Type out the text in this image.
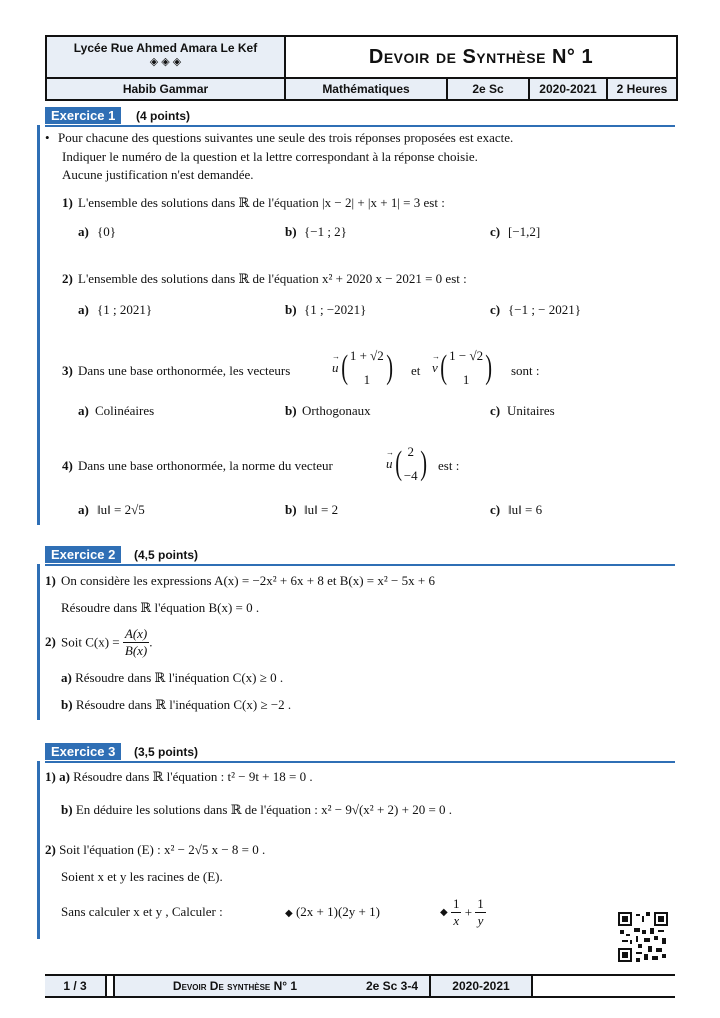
Lycée Rue Ahmed Amara Le Kef
◈ ◈ ◈
Habib Gammar
Devoir de Synthèse N° 1
Mathématiques	2e Sc	2020-2021	2 Heures
Exercice 1	(4 points)
• Pour chacune des questions suivantes une seule des trois réponses proposées est exacte.
Indiquer le numéro de la question et la lettre correspondant à la réponse choisie.
Aucune justification n'est demandée.
1) L'ensemble des solutions dans ℝ de l'équation |x − 2| + |x + 1| = 3 est :
a) {0}	b) {−1 ; 2}	c) [−1,2]
2) L'ensemble des solutions dans ℝ de l'équation x² + 2020 x − 2021 = 0 est :
a) {1 ; 2021}	b) {1 ; −2021}	c) {−1 ; − 2021}
3) Dans une base orthonormée, les vecteurs	→ u( 1 + √2
1 ) et → v( 1 − √2
1 ) sont :
a) Colinéaires	b) Orthogonaux	c) Unitaires
4) Dans une base orthonormée, la norme du vecteur	→ u( 2
−4 ) est :
a) ‖u‖ = 2√5	b) ‖u‖ = 2	c) ‖u‖ = 6
Exercice 2	(4,5 points)
1) On considère les expressions A(x) = −2x² + 6x + 8 et B(x) = x² − 5x + 6
Résoudre dans ℝ l'équation B(x) = 0 .
2) Soit $C(x) = \frac{A(x)}{B(x)}$ .
a) Résoudre dans ℝ l'inéquation C(x) ≥ 0 .
b) Résoudre dans ℝ l'inéquation C(x) ≥ −2 .
Exercice 3	(3,5 points)
1) a) Résoudre dans ℝ l'équation : t² − 9t + 18 = 0 .
b) En déduire les solutions dans ℝ de l'équation : x² − 9√(x² + 2) + 20 = 0 .
2) Soit l'équation (E) : x² − 2√5 x − 8 = 0 .
Soient x et y les racines de (E).
Sans calculer x et y , Calculer :	◆ (2x + 1)(2y + 1)	◆ $\frac{1}{x} + \frac{1}{y}$
1 / 3	Devoir De synthèse N° 1	2e Sc 3-4	2020-2021
